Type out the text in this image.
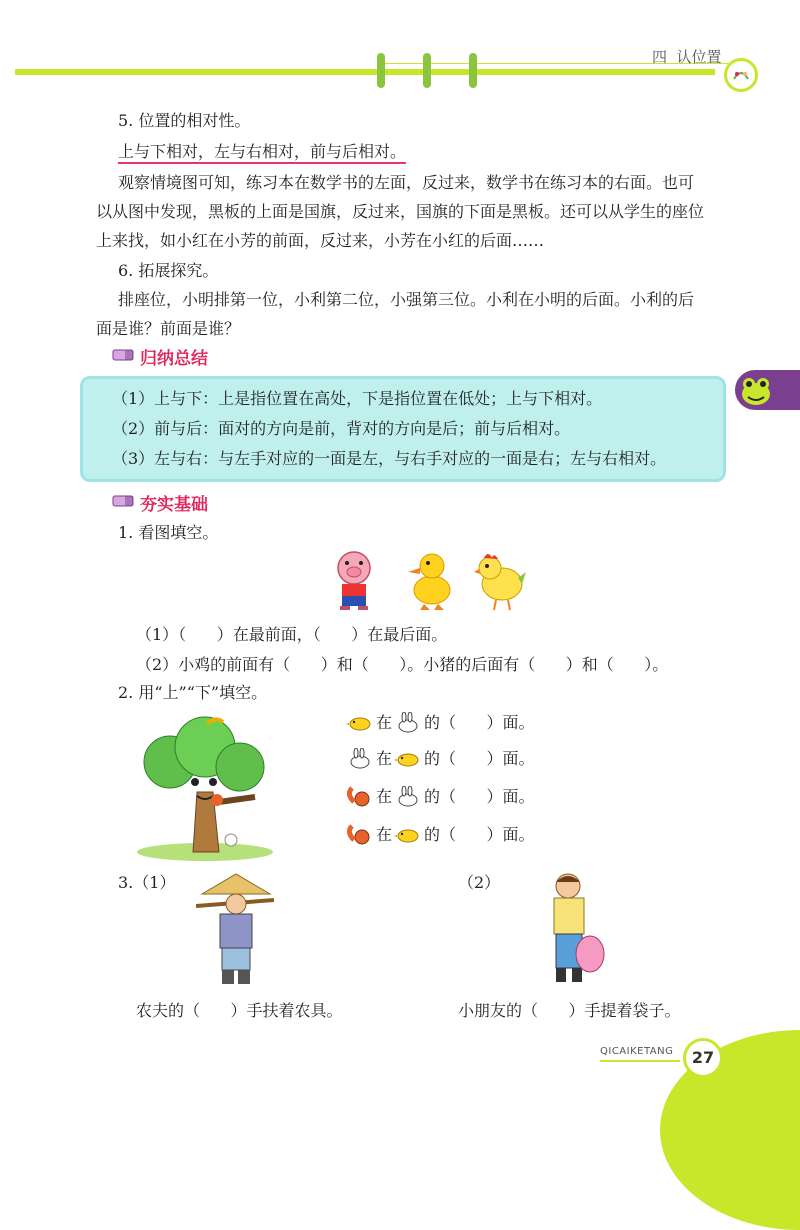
四  认位置
5. 位置的相对性。
上与下相对，左与右相对，前与后相对。
观察情境图可知，练习本在数学书的左面，反过来，数学书在练习本的右面。也可
以从图中发现，黑板的上面是国旗，反过来，国旗的下面是黑板。还可以从学生的座位
上来找，如小红在小芳的前面，反过来，小芳在小红的后面……
6. 拓展探究。
排座位，小明排第一位，小利第二位，小强第三位。小利在小明的后面。小利的后
面是谁？前面是谁？
归纳总结
（1）上与下：上是指位置在高处，下是指位置在低处；上与下相对。
（2）前与后：面对的方向是前，背对的方向是后；前与后相对。
（3）左与右：与左手对应的一面是左，与右手对应的一面是右；左与右相对。
夯实基础
1. 看图填空。
（1）（      ）在最前面，（      ）在最后面。
（2）小鸡的前面有（      ）和（      ）。小猪的后面有（      ）和（      ）。
2. 用“上”“下”填空。
在 的（      ）面。
在 的（      ）面。
在 的（      ）面。
在 的（      ）面。
3.（1）	（2）
农夫的（      ）手扶着农具。	小朋友的（      ）手提着袋子。
QICAIKETANG	27
